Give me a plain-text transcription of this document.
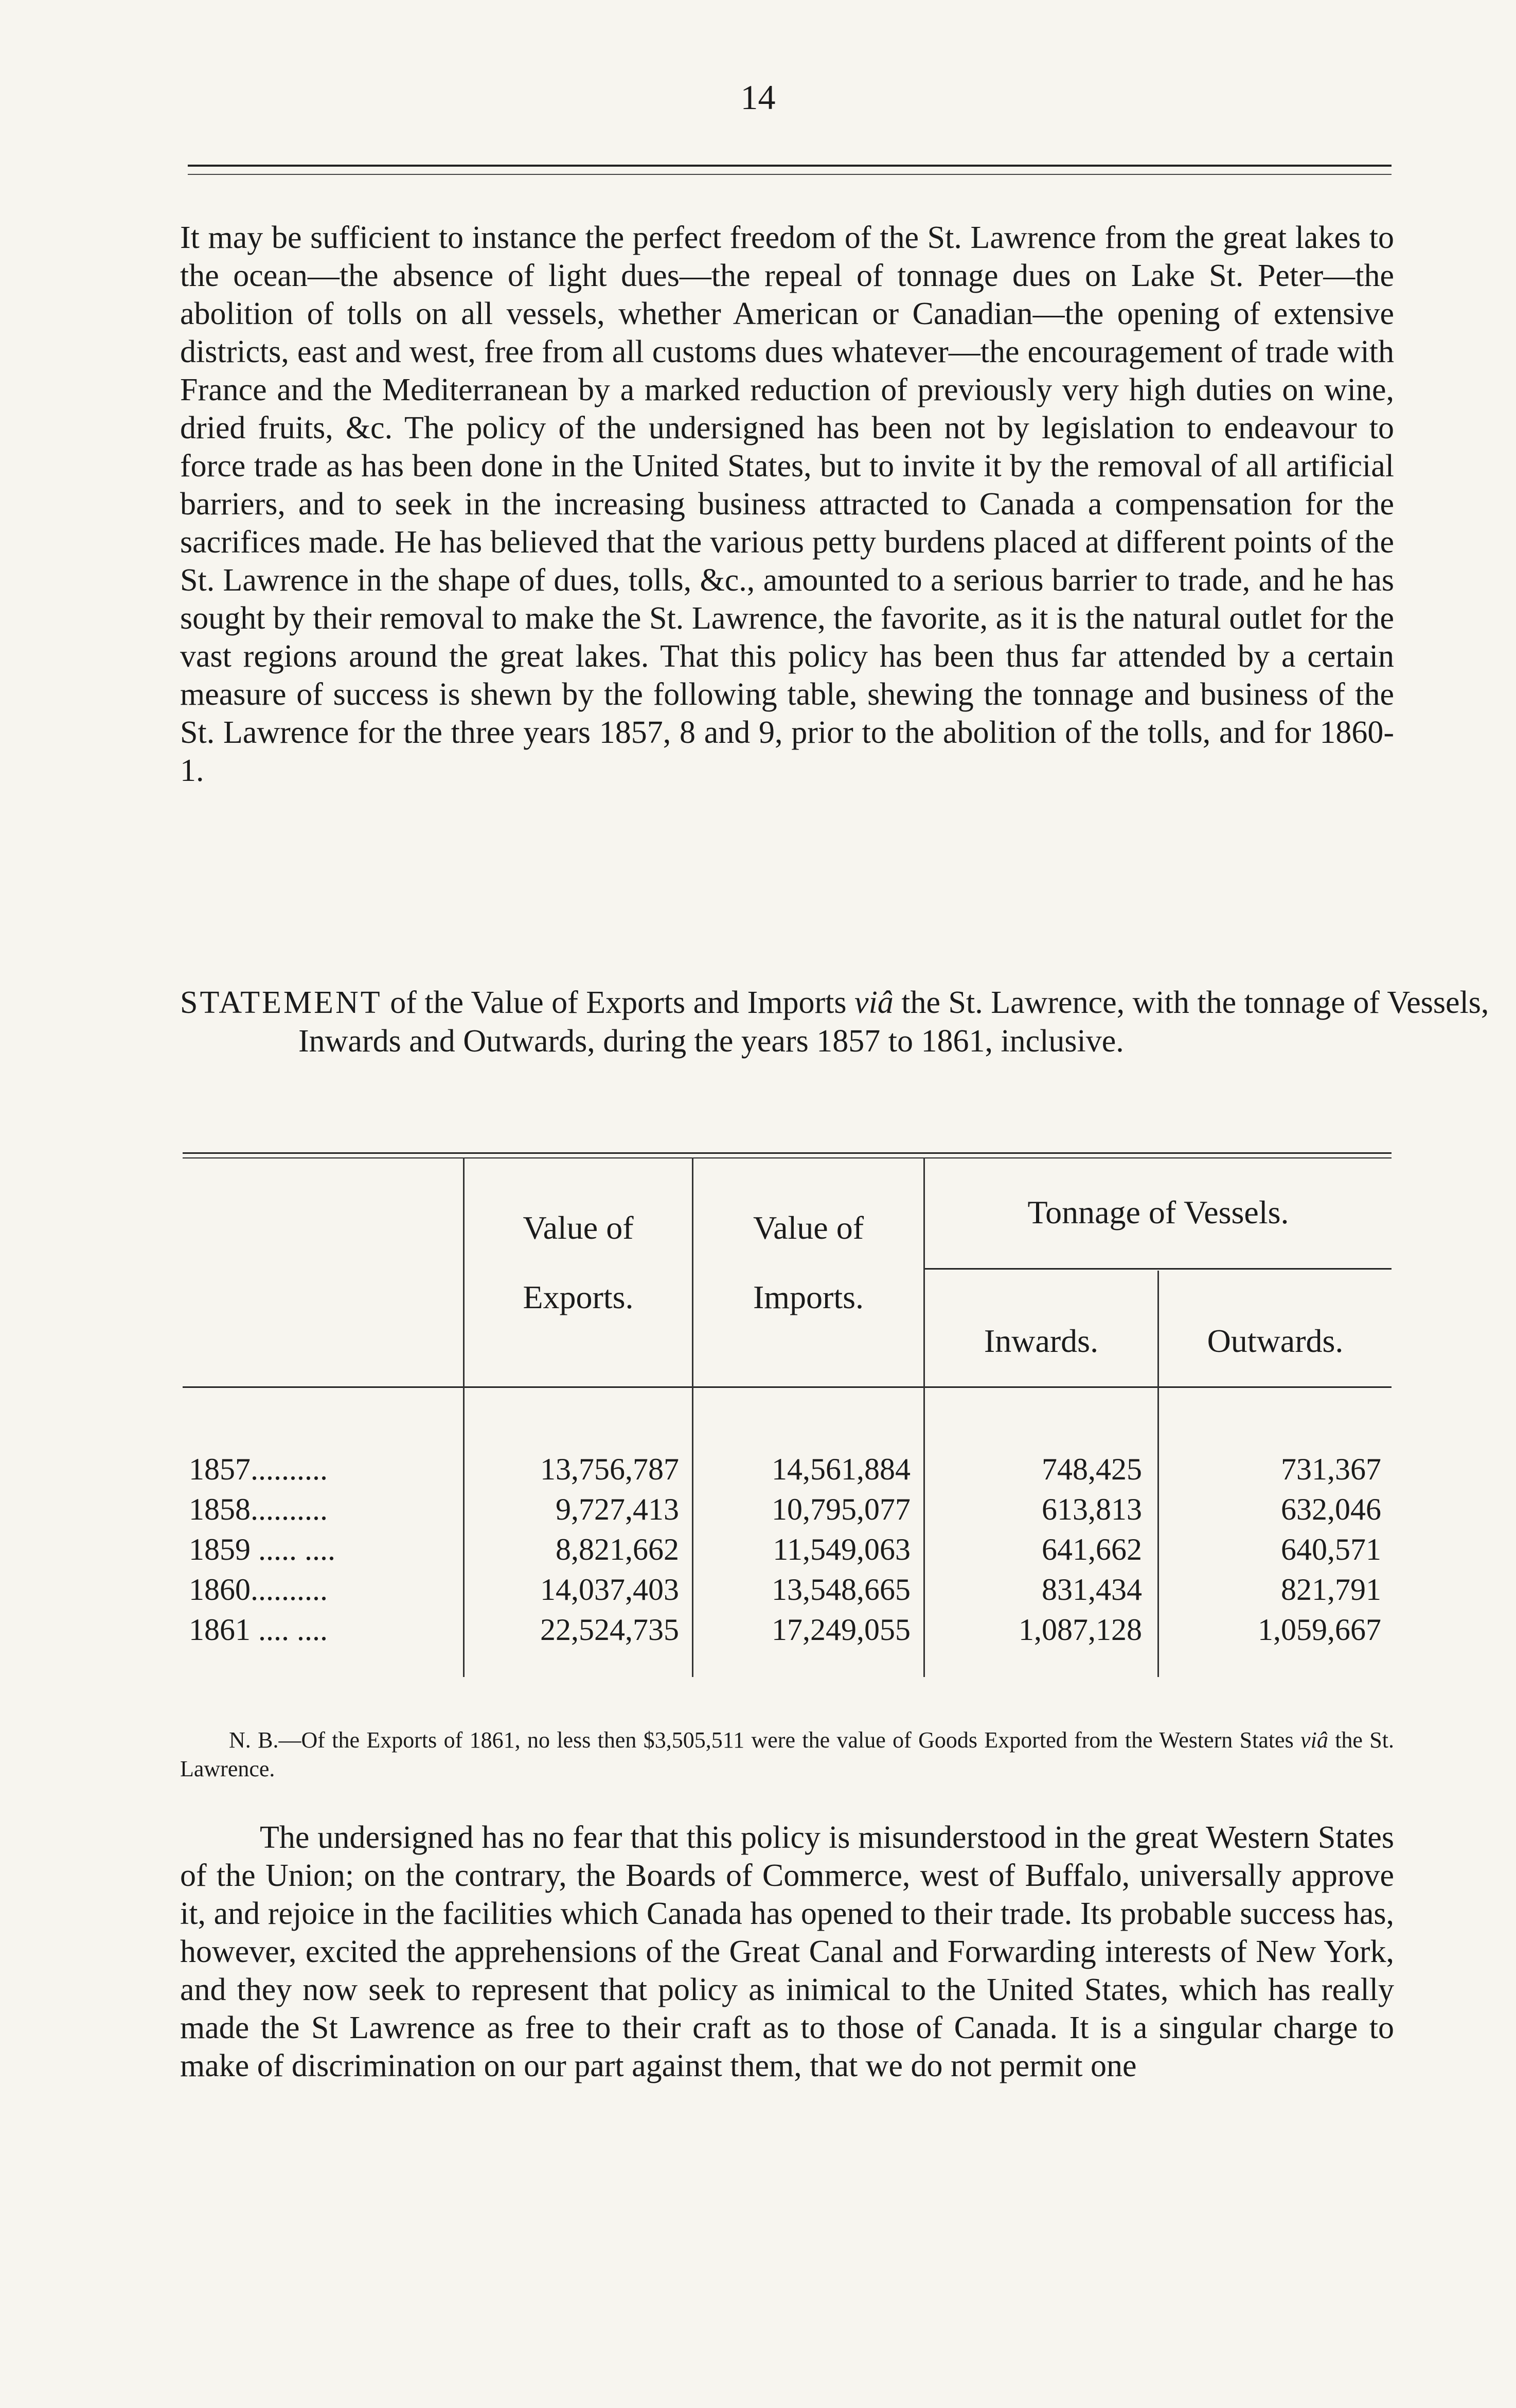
14

It may be sufficient to instance the perfect freedom of the St. Lawrence from the great lakes to the ocean—the absence of light dues—the repeal of tonnage dues on Lake St. Peter—the abolition of tolls on all vessels, whether American or Canadian—the opening of extensive districts, east and west, free from all customs dues whatever—the encouragement of trade with France and the Mediterranean by a marked reduction of previously very high duties on wine, dried fruits, &c. The policy of the undersigned has been not by legislation to endeavour to force trade as has been done in the United States, but to invite it by the removal of all artificial barriers, and to seek in the increasing business attracted to Canada a compensation for the sacrifices made. He has believed that the various petty burdens placed at different points of the St. Lawrence in the shape of dues, tolls, &c., amounted to a serious barrier to trade, and he has sought by their removal to make the St. Lawrence, the favorite, as it is the natural outlet for the vast regions around the great lakes. That this policy has been thus far attended by a certain measure of success is shewn by the following table, shewing the tonnage and business of the St. Lawrence for the three years 1857, 8 and 9, prior to the abolition of the tolls, and for 1860-1.

STATEMENT of the Value of Exports and Imports viâ the St. Lawrence, with the tonnage of Vessels, Inwards and Outwards, during the years 1857 to 1861, inclusive.

Value of
Exports.
Value of
Imports.
Tonnage of Vessels.
Inwards.	Outwards.
1857..........	13,756,787	14,561,884	748,425	731,367
1858..........	9,727,413	10,795,077	613,813	632,046
1859 ..... ....	8,821,662	11,549,063	641,662	640,571
1860..........	14,037,403	13,548,665	831,434	821,791
1861 .... ....	22,524,735	17,249,055	1,087,128	1,059,667

N. B.—Of the Exports of 1861, no less then $3,505,511 were the value of Goods Exported from the Western States viâ the St. Lawrence.

The undersigned has no fear that this policy is misunderstood in the great Western States of the Union; on the contrary, the Boards of Commerce, west of Buffalo, universally approve it, and rejoice in the facilities which Canada has opened to their trade. Its probable success has, however, excited the apprehensions of the Great Canal and Forwarding interests of New York, and they now seek to represent that policy as inimical to the United States, which has really made the St Lawrence as free to their craft as to those of Canada. It is a singular charge to make of discrimination on our part against them, that we do not permit one
